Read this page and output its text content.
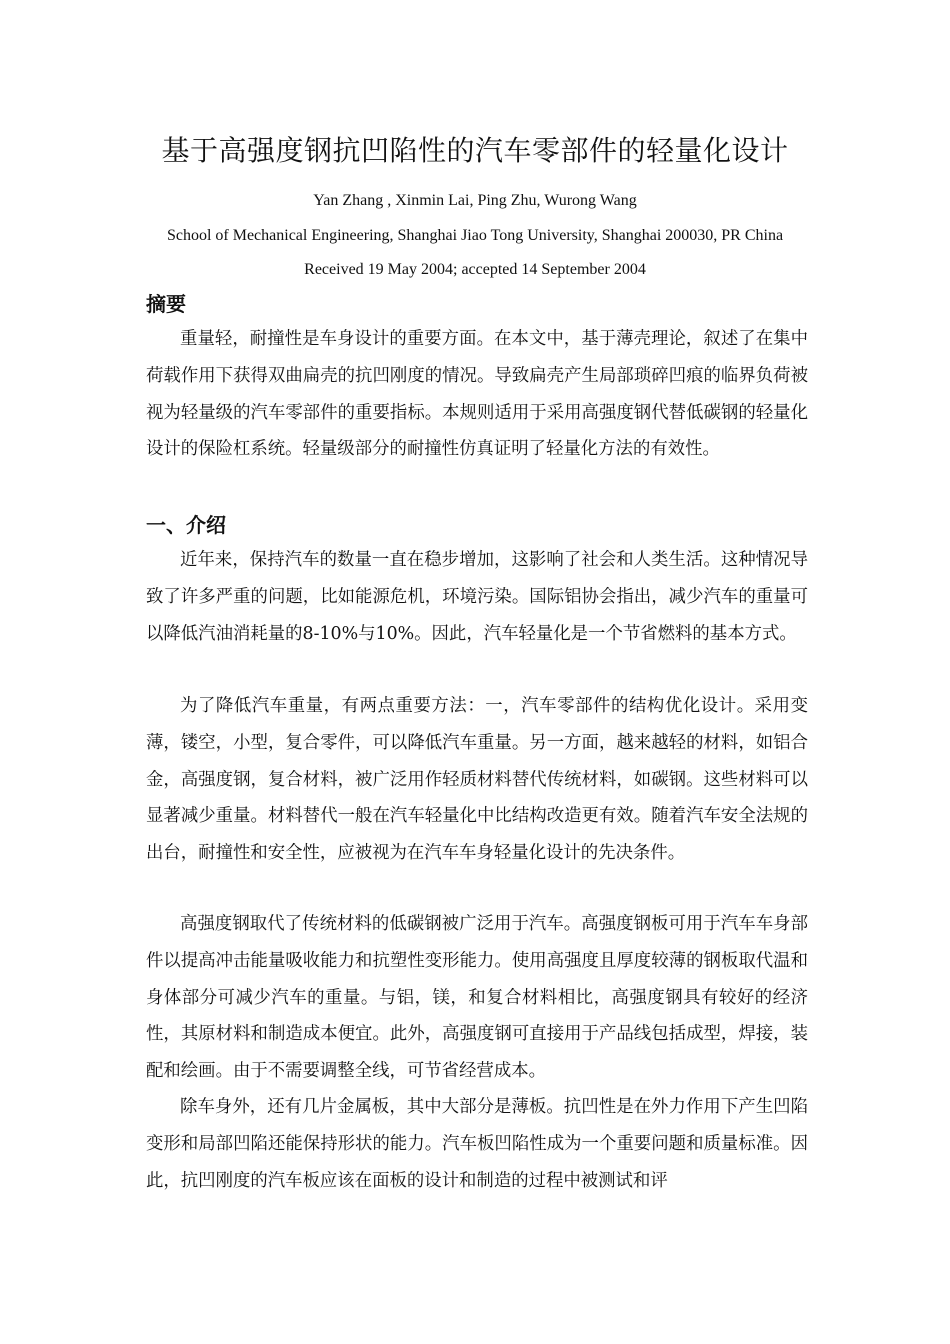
基于高强度钢抗凹陷性的汽车零部件的轻量化设计
Yan Zhang , Xinmin Lai, Ping Zhu, Wurong Wang
School of Mechanical Engineering, Shanghai Jiao Tong University, Shanghai 200030, PR China
Received 19 May 2004; accepted 14 September 2004
摘要

重量轻，耐撞性是车身设计的重要方面。在本文中，基于薄壳理论，叙述了在集中荷载作用下获得双曲扁壳的抗凹刚度的情况。导致扁壳产生局部琐碎凹痕的临界负荷被视为轻量级的汽车零部件的重要指标。本规则适用于采用高强度钢代替低碳钢的轻量化设计的保险杠系统。轻量级部分的耐撞性仿真证明了轻量化方法的有效性。

一、介绍

近年来，保持汽车的数量一直在稳步增加，这影响了社会和人类生活。这种情况导致了许多严重的问题，比如能源危机，环境污染。国际铝协会指出，减少汽车的重量可以降低汽油消耗量的8-10%与10%。因此，汽车轻量化是一个节省燃料的基本方式。

为了降低汽车重量，有两点重要方法：一，汽车零部件的结构优化设计。采用变薄，镂空，小型，复合零件，可以降低汽车重量。另一方面，越来越轻的材料，如铝合金，高强度钢，复合材料，被广泛用作轻质材料替代传统材料，如碳钢。这些材料可以显著减少重量。材料替代一般在汽车轻量化中比结构改造更有效。随着汽车安全法规的出台，耐撞性和安全性，应被视为在汽车车身轻量化设计的先决条件。

高强度钢取代了传统材料的低碳钢被广泛用于汽车。高强度钢板可用于汽车车身部件以提高冲击能量吸收能力和抗塑性变形能力。使用高强度且厚度较薄的钢板取代温和身体部分可减少汽车的重量。与铝，镁，和复合材料相比，高强度钢具有较好的经济性，其原材料和制造成本便宜。此外，高强度钢可直接用于产品线包括成型，焊接，装配和绘画。由于不需要调整全线，可节省经营成本。

除车身外，还有几片金属板，其中大部分是薄板。抗凹性是在外力作用下产生凹陷变形和局部凹陷还能保持形状的能力。汽车板凹陷性成为一个重要问题和质量标准。因此，抗凹刚度的汽车板应该在面板的设计和制造的过程中被测试和评
